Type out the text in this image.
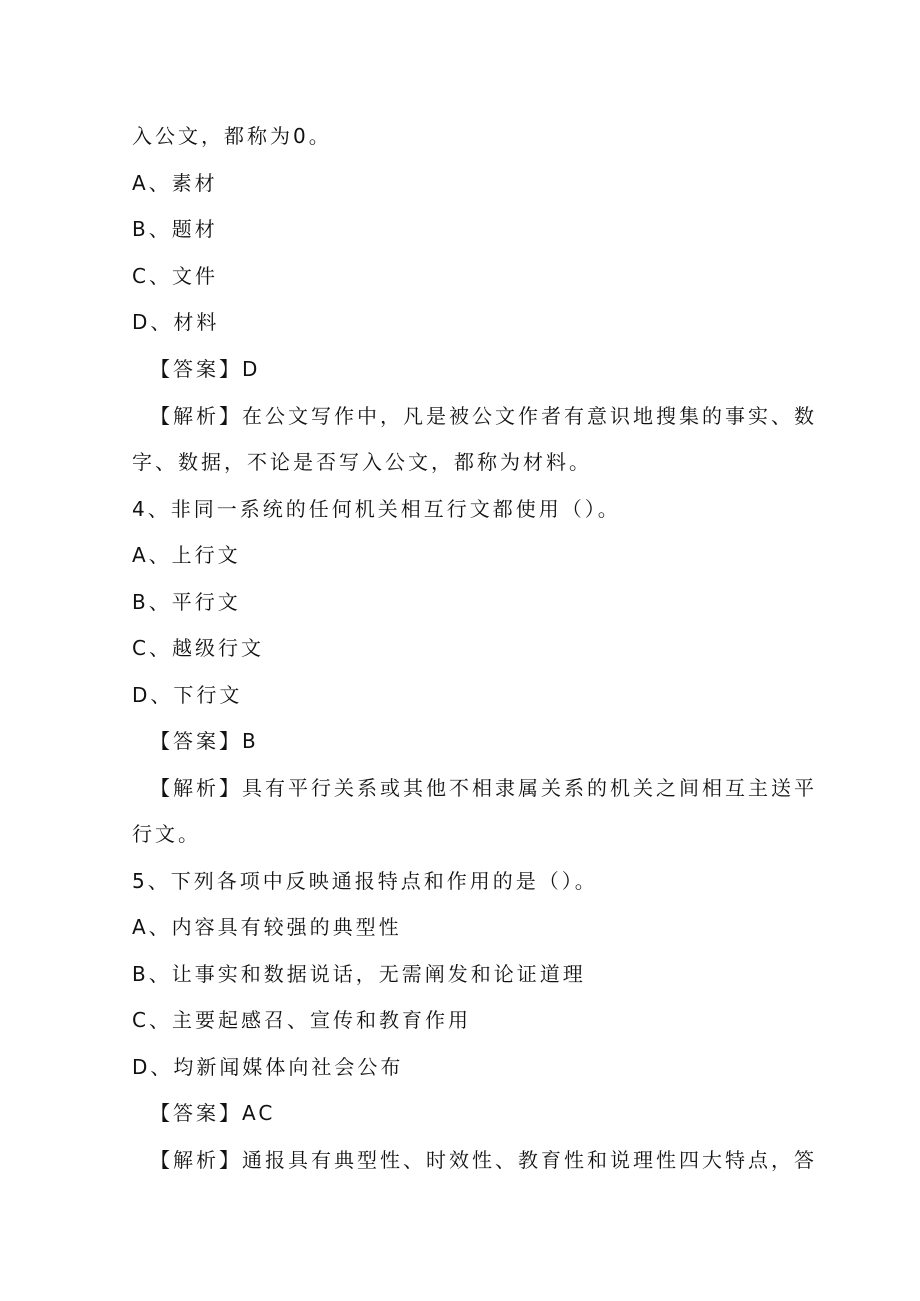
入公文，都称为0。
A、素材
B、题材
C、文件
D、材料
【答案】D
【解析】在公文写作中，凡是被公文作者有意识地搜集的事实、数
字、数据，不论是否写入公文，都称为材料。
4、非同一系统的任何机关相互行文都使用（）。
A、上行文
B、平行文
C、越级行文
D、下行文
【答案】B
【解析】具有平行关系或其他不相隶属关系的机关之间相互主送平
行文。
5、下列各项中反映通报特点和作用的是（）。
A、内容具有较强的典型性
B、让事实和数据说话，无需阐发和论证道理
C、主要起感召、宣传和教育作用
D、均新闻媒体向社会公布
【答案】AC
【解析】通报具有典型性、时效性、教育性和说理性四大特点，答
